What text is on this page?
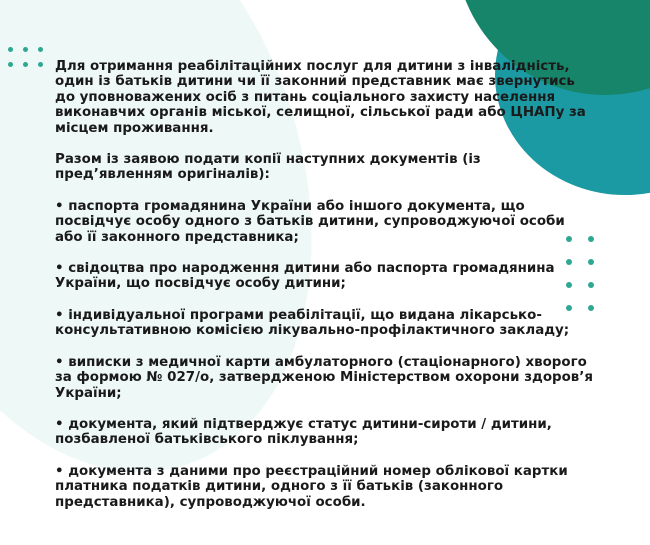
Для отримання реабілітаційних послуг для дитини з інвалідність, один із батьків дитини чи її законний представник має звернутись до уповноважених осіб з питань соціального захисту населення виконавчих органів міської, селищної, сільської ради або ЦНАПу за місцем проживання.

Разом із заявою подати копії наступних документів (із пред’явленням оригіналів):

• паспорта громадянина України або іншого документа, що посвідчує особу одного з батьків дитини, супроводжуючої особи або її законного представника;

• свідоцтва про народження дитини або паспорта громадянина України, що посвідчує особу дитини;

• індивідуальної програми реабілітації, що видана лікарсько-консультативною комісією лікувально-профілактичного закладу;

• виписки з медичної карти амбулаторного (стаціонарного) хворого за формою № 027/о, затвердженою Міністерством охорони здоров’я України;

• документа, який підтверджує статус дитини-сироти / дитини, позбавленої батьківського піклування;

• документа з даними про реєстраційний номер облікової картки платника податків дитини, одного з її батьків (законного представника), супроводжуючої особи.
